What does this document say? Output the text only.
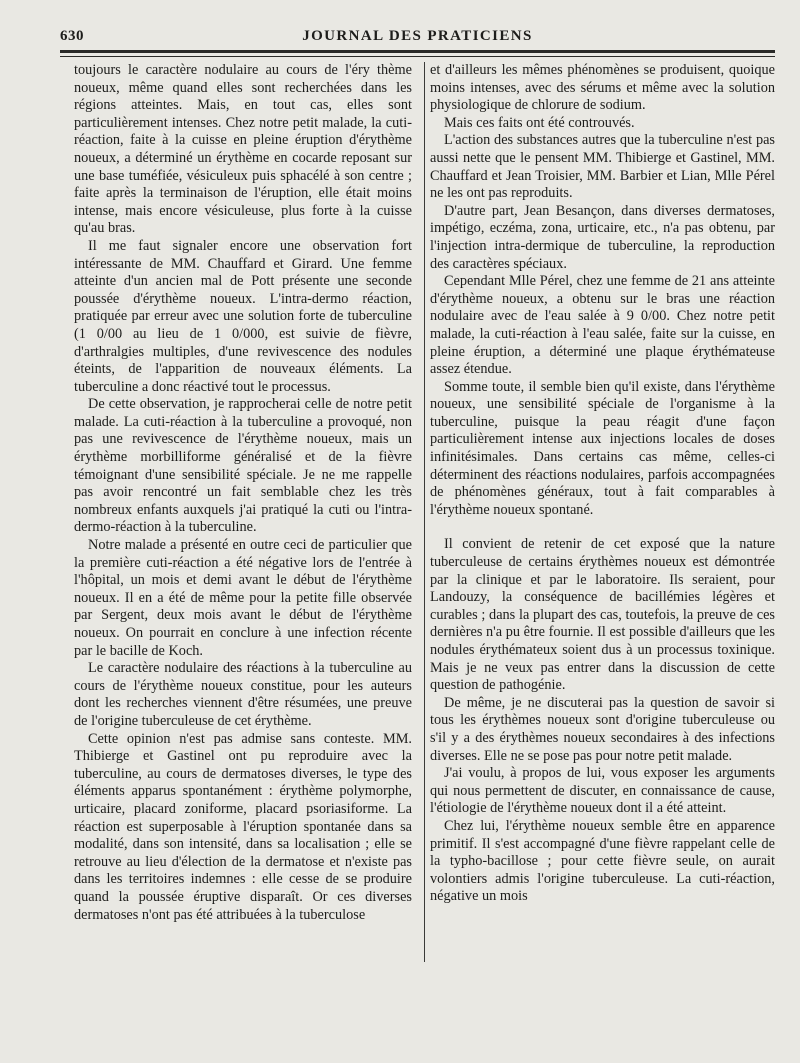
630	JOURNAL DES PRATICIENS

toujours le caractère nodulaire au cours de l'éry thème noueux, même quand elles sont recherchées dans les régions atteintes. Mais, en tout cas, elles sont particulièrement intenses. Chez notre petit malade, la cuti-réaction, faite à la cuisse en pleine éruption d'érythème noueux, a déterminé un érythème en cocarde reposant sur une base tuméfiée, vésiculeux puis sphacélé à son centre ; faite après la terminaison de l'éruption, elle était moins intense, mais encore vésiculeuse, plus forte à la cuisse qu'au bras.

Il me faut signaler encore une observation fort intéressante de MM. Chauffard et Girard. Une femme atteinte d'un ancien mal de Pott présente une seconde poussée d'érythème noueux. L'intra-dermo réaction, pratiquée par erreur avec une solution forte de tuberculine (1 0/00 au lieu de 1 0/000, est suivie de fièvre, d'arthralgies multiples, d'une revivescence des nodules éteints, de l'apparition de nouveaux éléments. La tuberculine a donc réactivé tout le processus.

De cette observation, je rapprocherai celle de notre petit malade. La cuti-réaction à la tuberculine a provoqué, non pas une revivescence de l'érythème noueux, mais un érythème morbilliforme généralisé et de la fièvre témoignant d'une sensibilité spéciale. Je ne me rappelle pas avoir rencontré un fait semblable chez les très nombreux enfants auxquels j'ai pratiqué la cuti ou l'intra-dermo-réaction à la tuberculine.

Notre malade a présenté en outre ceci de particulier que la première cuti-réaction a été négative lors de l'entrée à l'hôpital, un mois et demi avant le début de l'érythème noueux. Il en a été de même pour la petite fille observée par Sergent, deux mois avant le début de l'érythème noueux. On pourrait en conclure à une infection récente par le bacille de Koch.

Le caractère nodulaire des réactions à la tuberculine au cours de l'érythème noueux constitue, pour les auteurs dont les recherches viennent d'être résumées, une preuve de l'origine tuberculeuse de cet érythème.

Cette opinion n'est pas admise sans conteste. MM. Thibierge et Gastinel ont pu reproduire avec la tuberculine, au cours de dermatoses diverses, le type des éléments apparus spontanément : érythème polymorphe, urticaire, placard zoniforme, placard psoriasiforme. La réaction est superposable à l'éruption spontanée dans sa modalité, dans son intensité, dans sa localisation ; elle se retrouve au lieu d'élection de la dermatose et n'existe pas dans les territoires indemnes : elle cesse de se produire quand la poussée éruptive disparaît. Or ces diverses dermatoses n'ont pas été attribuées à la tuberculose

et d'ailleurs les mêmes phénomènes se produisent, quoique moins intenses, avec des sérums et même avec la solution physiologique de chlorure de sodium.

Mais ces faits ont été controuvés.

L'action des substances autres que la tuberculine n'est pas aussi nette que le pensent MM. Thibierge et Gastinel, MM. Chauffard et Jean Troisier, MM. Barbier et Lian, Mlle Pérel ne les ont pas reproduits.

D'autre part, Jean Besançon, dans diverses dermatoses, impétigo, eczéma, zona, urticaire, etc., n'a pas obtenu, par l'injection intra-dermique de tuberculine, la reproduction des caractères spéciaux.

Cependant Mlle Pérel, chez une femme de 21 ans atteinte d'érythème noueux, a obtenu sur le bras une réaction nodulaire avec de l'eau salée à 9 0/00. Chez notre petit malade, la cuti-réaction à l'eau salée, faite sur la cuisse, en pleine éruption, a déterminé une plaque érythémateuse assez étendue.

Somme toute, il semble bien qu'il existe, dans l'érythème noueux, une sensibilité spéciale de l'organisme à la tuberculine, puisque la peau réagit d'une façon particulièrement intense aux injections locales de doses infinitésimales. Dans certains cas même, celles-ci déterminent des réactions nodulaires, parfois accompagnées de phénomènes généraux, tout à fait comparables à l'érythème noueux spontané.

Il convient de retenir de cet exposé que la nature tuberculeuse de certains érythèmes noueux est démontrée par la clinique et par le laboratoire. Ils seraient, pour Landouzy, la conséquence de bacillémies légères et curables ; dans la plupart des cas, toutefois, la preuve de ces dernières n'a pu être fournie. Il est possible d'ailleurs que les nodules érythémateux soient dus à un processus toxinique. Mais je ne veux pas entrer dans la discussion de cette question de pathogénie.

De même, je ne discuterai pas la question de savoir si tous les érythèmes noueux sont d'origine tuberculeuse ou s'il y a des érythèmes noueux secondaires à des infections diverses. Elle ne se pose pas pour notre petit malade.

J'ai voulu, à propos de lui, vous exposer les arguments qui nous permettent de discuter, en connaissance de cause, l'étiologie de l'érythème noueux dont il a été atteint.

Chez lui, l'érythème noueux semble être en apparence primitif. Il s'est accompagné d'une fièvre rappelant celle de la typho-bacillose ; pour cette fièvre seule, on aurait volontiers admis l'origine tuberculeuse. La cuti-réaction, négative un mois
